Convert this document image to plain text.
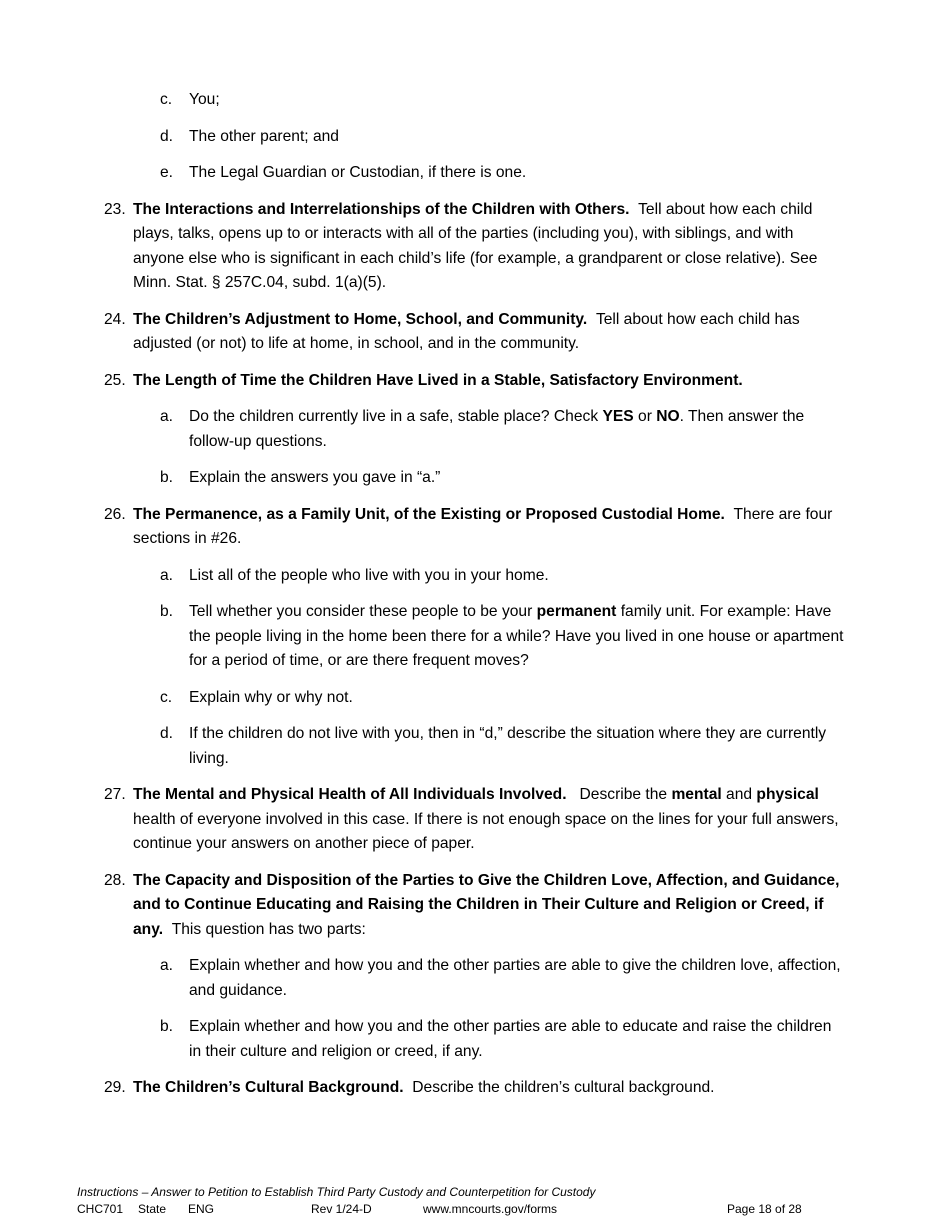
c. You;
d. The other parent; and
e. The Legal Guardian or Custodian, if there is one.
23. The Interactions and Interrelationships of the Children with Others. Tell about how each child plays, talks, opens up to or interacts with all of the parties (including you), with siblings, and with anyone else who is significant in each child’s life (for example, a grandparent or close relative). See Minn. Stat. § 257C.04, subd. 1(a)(5).
24. The Children’s Adjustment to Home, School, and Community. Tell about how each child has adjusted (or not) to life at home, in school, and in the community.
25. The Length of Time the Children Have Lived in a Stable, Satisfactory Environment.
a. Do the children currently live in a safe, stable place? Check YES or NO. Then answer the follow-up questions.
b. Explain the answers you gave in “a.”
26. The Permanence, as a Family Unit, of the Existing or Proposed Custodial Home. There are four sections in #26.
a. List all of the people who live with you in your home.
b. Tell whether you consider these people to be your permanent family unit. For example: Have the people living in the home been there for a while? Have you lived in one house or apartment for a period of time, or are there frequent moves?
c. Explain why or why not.
d. If the children do not live with you, then in “d,” describe the situation where they are currently living.
27. The Mental and Physical Health of All Individuals Involved. Describe the mental and physical health of everyone involved in this case. If there is not enough space on the lines for your full answers, continue your answers on another piece of paper.
28. The Capacity and Disposition of the Parties to Give the Children Love, Affection, and Guidance, and to Continue Educating and Raising the Children in Their Culture and Religion or Creed, if any. This question has two parts:
a. Explain whether and how you and the other parties are able to give the children love, affection, and guidance.
b. Explain whether and how you and the other parties are able to educate and raise the children in their culture and religion or creed, if any.
29. The Children’s Cultural Background. Describe the children’s cultural background.
Instructions – Answer to Petition to Establish Third Party Custody and Counterpetition for Custody
CHC701 State ENG	Rev 1/24-D	www.mncourts.gov/forms	Page 18 of 28
